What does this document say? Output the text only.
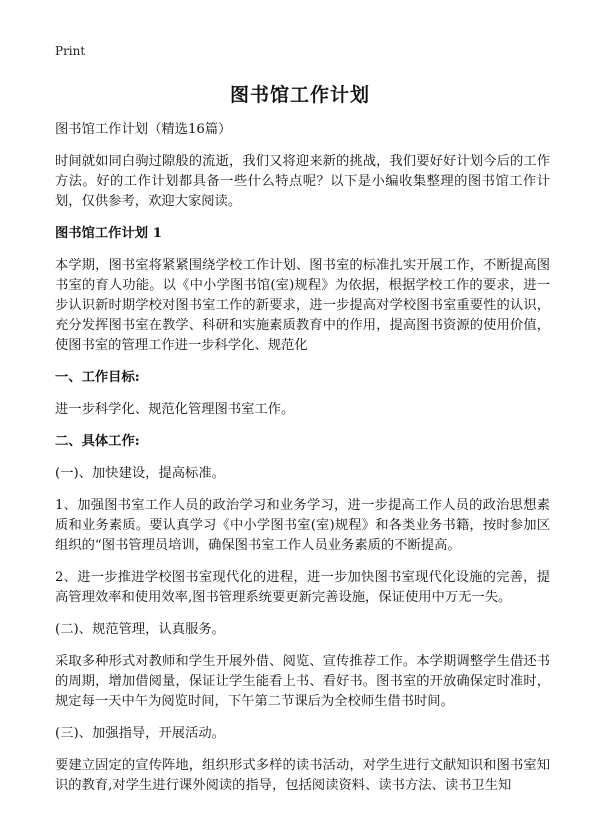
Print
图书馆工作计划
图书馆工作计划（精选16篇）
时间就如同白驹过隙般的流逝，我们又将迎来新的挑战，我们要好好计划今后的工作方法。好的工作计划都具备一些什么特点呢？以下是小编收集整理的图书馆工作计划，仅供参考，欢迎大家阅读。
图书馆工作计划 1
本学期，图书室将紧紧围绕学校工作计划、图书室的标准扎实开展工作，不断提高图书室的育人功能。以《中小学图书馆(室)规程》为依据，根据学校工作的要求，进一步认识新时期学校对图书室工作的新要求，进一步提高对学校图书室重要性的认识，充分发挥图书室在教学、科研和实施素质教育中的作用，提高图书资源的使用价值，使图书室的管理工作进一步科学化、规范化
一、工作目标:
进一步科学化、规范化管理图书室工作。
二、具体工作:
(一)、加快建设，提高标准。
1、加强图书室工作人员的政治学习和业务学习，进一步提高工作人员的政治思想素质和业务素质。要认真学习《中小学图书室(室)规程》和各类业务书籍，按时参加区组织的“图书管理员培训，确保图书室工作人员业务素质的不断提高。
2、进一步推进学校图书室现代化的进程，进一步加快图书室现代化设施的完善，提高管理效率和使用效率,图书管理系统要更新完善设施，保证使用中万无一失。
(二)、规范管理，认真服务。
采取多种形式对教师和学生开展外借、阅览、宣传推荐工作。本学期调整学生借还书的周期，增加借阅量，保证让学生能看上书、看好书。图书室的开放确保定时准时，规定每一天中午为阅览时间，下午第二节课后为全校师生借书时间。
(三)、加强指导，开展活动。
要建立固定的宣传阵地，组织形式多样的读书活动，对学生进行文献知识和图书室知识的教育,对学生进行课外阅读的指导，包括阅读资料、读书方法、读书卫生知
